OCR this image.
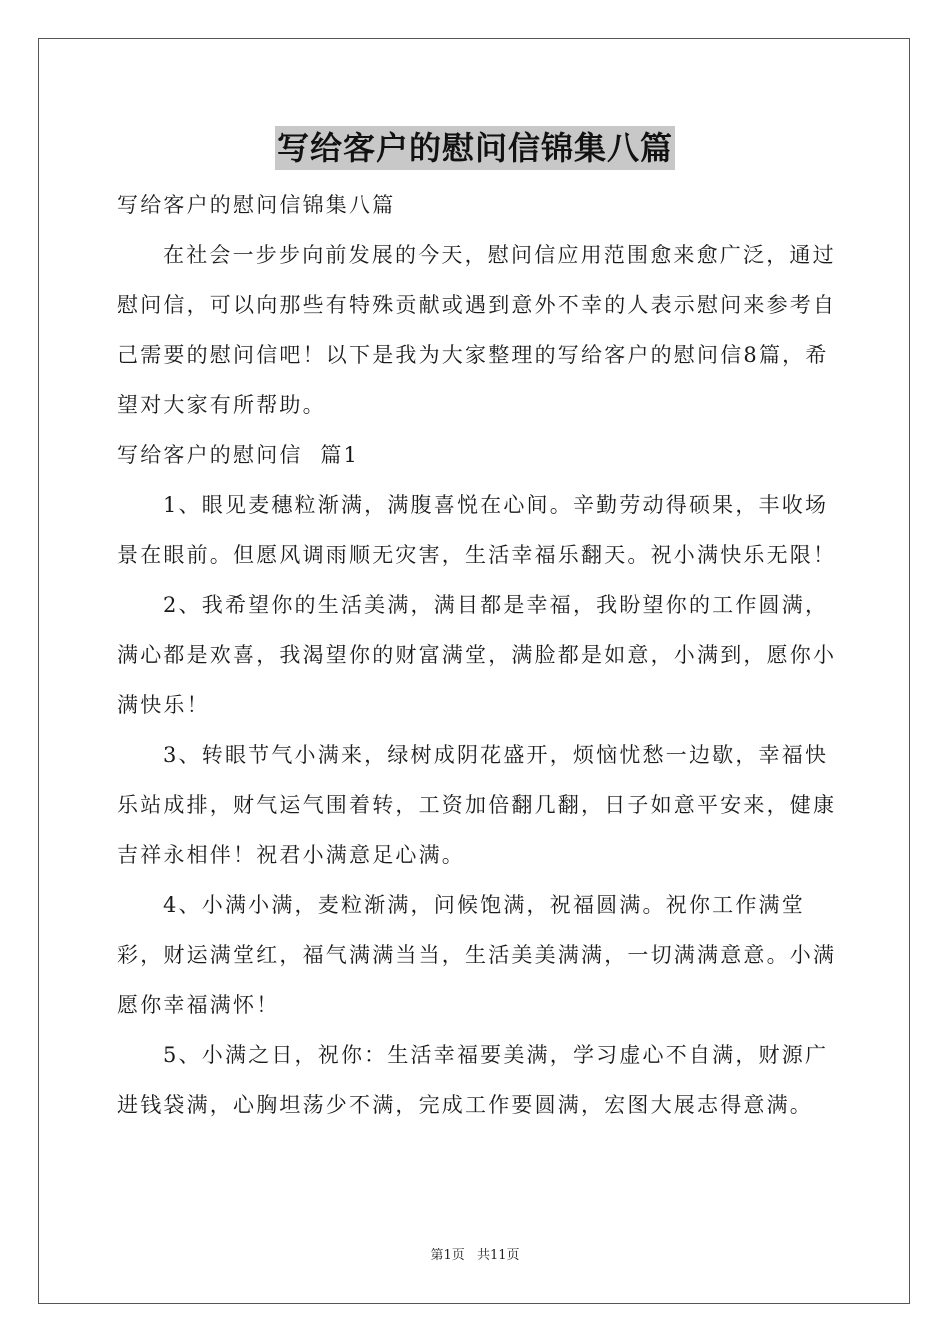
写给客户的慰问信锦集八篇

写给客户的慰问信锦集八篇

在社会一步步向前发展的今天，慰问信应用范围愈来愈广泛，通过慰问信，可以向那些有特殊贡献或遇到意外不幸的人表示慰问来参考自己需要的慰问信吧！以下是我为大家整理的写给客户的慰问信8篇，希望对大家有所帮助。

写给客户的慰问信  篇1

1、眼见麦穗粒渐满，满腹喜悦在心间。辛勤劳动得硕果，丰收场景在眼前。但愿风调雨顺无灾害，生活幸福乐翻天。祝小满快乐无限！

2、我希望你的生活美满，满目都是幸福，我盼望你的工作圆满，满心都是欢喜，我渴望你的财富满堂，满脸都是如意，小满到，愿你小满快乐！

3、转眼节气小满来，绿树成阴花盛开，烦恼忧愁一边歇，幸福快乐站成排，财气运气围着转，工资加倍翻几翻，日子如意平安来，健康吉祥永相伴！祝君小满意足心满。

4、小满小满，麦粒渐满，问候饱满，祝福圆满。祝你工作满堂彩，财运满堂红，福气满满当当，生活美美满满，一切满满意意。小满愿你幸福满怀！

5、小满之日，祝你：生活幸福要美满，学习虚心不自满，财源广进钱袋满，心胸坦荡少不满，完成工作要圆满，宏图大展志得意满。

第1页 共11页
